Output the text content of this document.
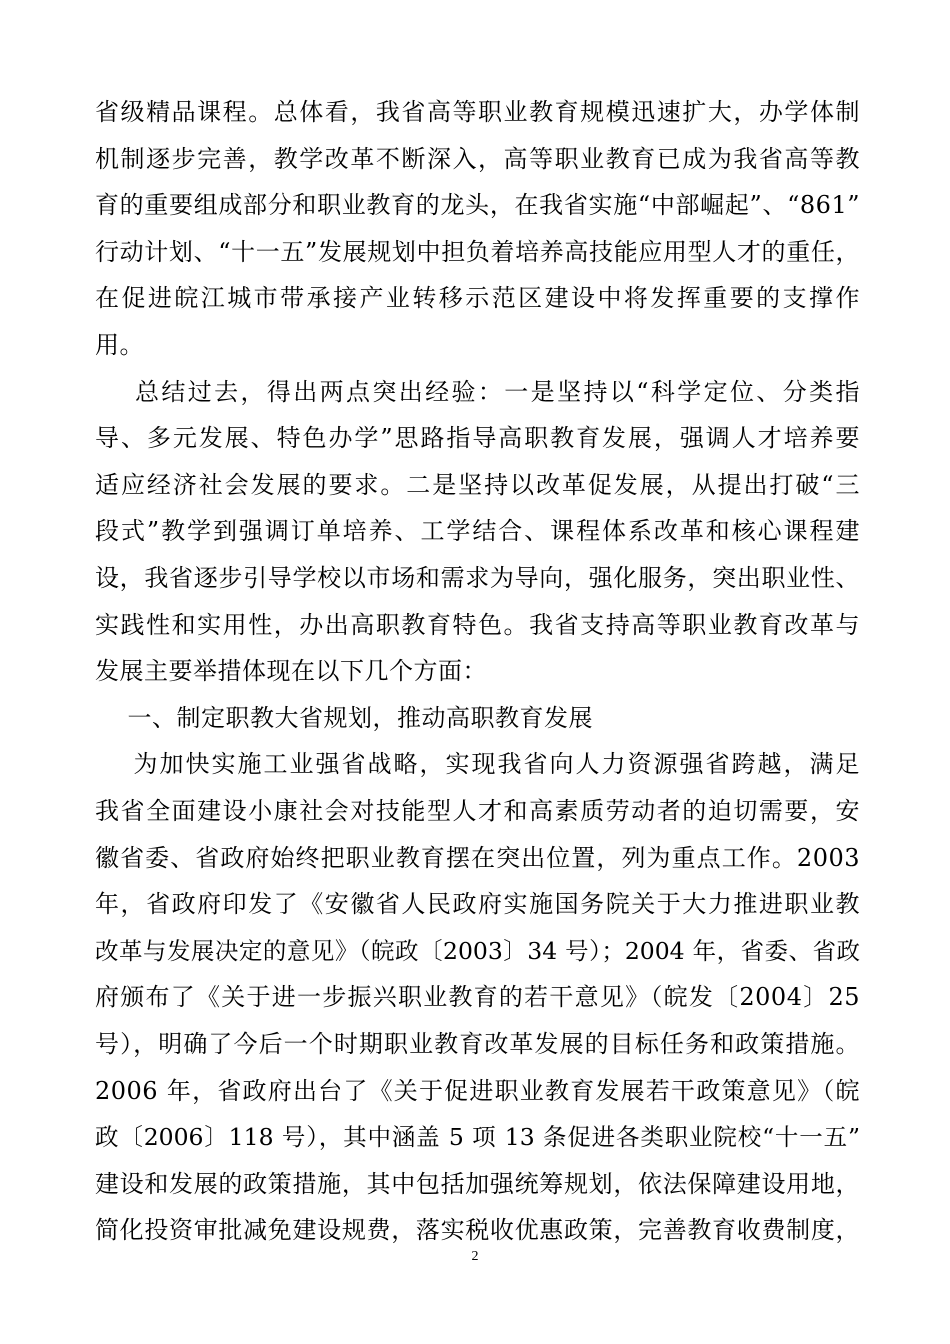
省级精品课程。总体看，我省高等职业教育规模迅速扩大，办学体制
机制逐步完善，教学改革不断深入，高等职业教育已成为我省高等教
育的重要组成部分和职业教育的龙头，在我省实施“中部崛起”、“861”
行动计划、“十一五”发展规划中担负着培养高技能应用型人才的重任，
在促进皖江城市带承接产业转移示范区建设中将发挥重要的支撑作
用。
总结过去，得出两点突出经验：一是坚持以“科学定位、分类指
导、多元发展、特色办学”思路指导高职教育发展，强调人才培养要
适应经济社会发展的要求。二是坚持以改革促发展，从提出打破“三
段式”教学到强调订单培养、工学结合、课程体系改革和核心课程建
设，我省逐步引导学校以市场和需求为导向，强化服务，突出职业性、
实践性和实用性，办出高职教育特色。我省支持高等职业教育改革与
发展主要举措体现在以下几个方面：
一、制定职教大省规划，推动高职教育发展
为加快实施工业强省战略，实现我省向人力资源强省跨越，满足
我省全面建设小康社会对技能型人才和高素质劳动者的迫切需要，安
徽省委、省政府始终把职业教育摆在突出位置，列为重点工作。2003
年，省政府印发了《安徽省人民政府实施国务院关于大力推进职业教
改革与发展决定的意见》（皖政〔2003〕34 号）；2004 年，省委、省政
府颁布了《关于进一步振兴职业教育的若干意见》（皖发〔2004〕25
号），明确了今后一个时期职业教育改革发展的目标任务和政策措施。
2006 年，省政府出台了《关于促进职业教育发展若干政策意见》（皖
政〔2006〕118 号），其中涵盖 5 项 13 条促进各类职业院校“十一五”
建设和发展的政策措施，其中包括加强统筹规划，依法保障建设用地，
简化投资审批减免建设规费，落实税收优惠政策，完善教育收费制度，
2
